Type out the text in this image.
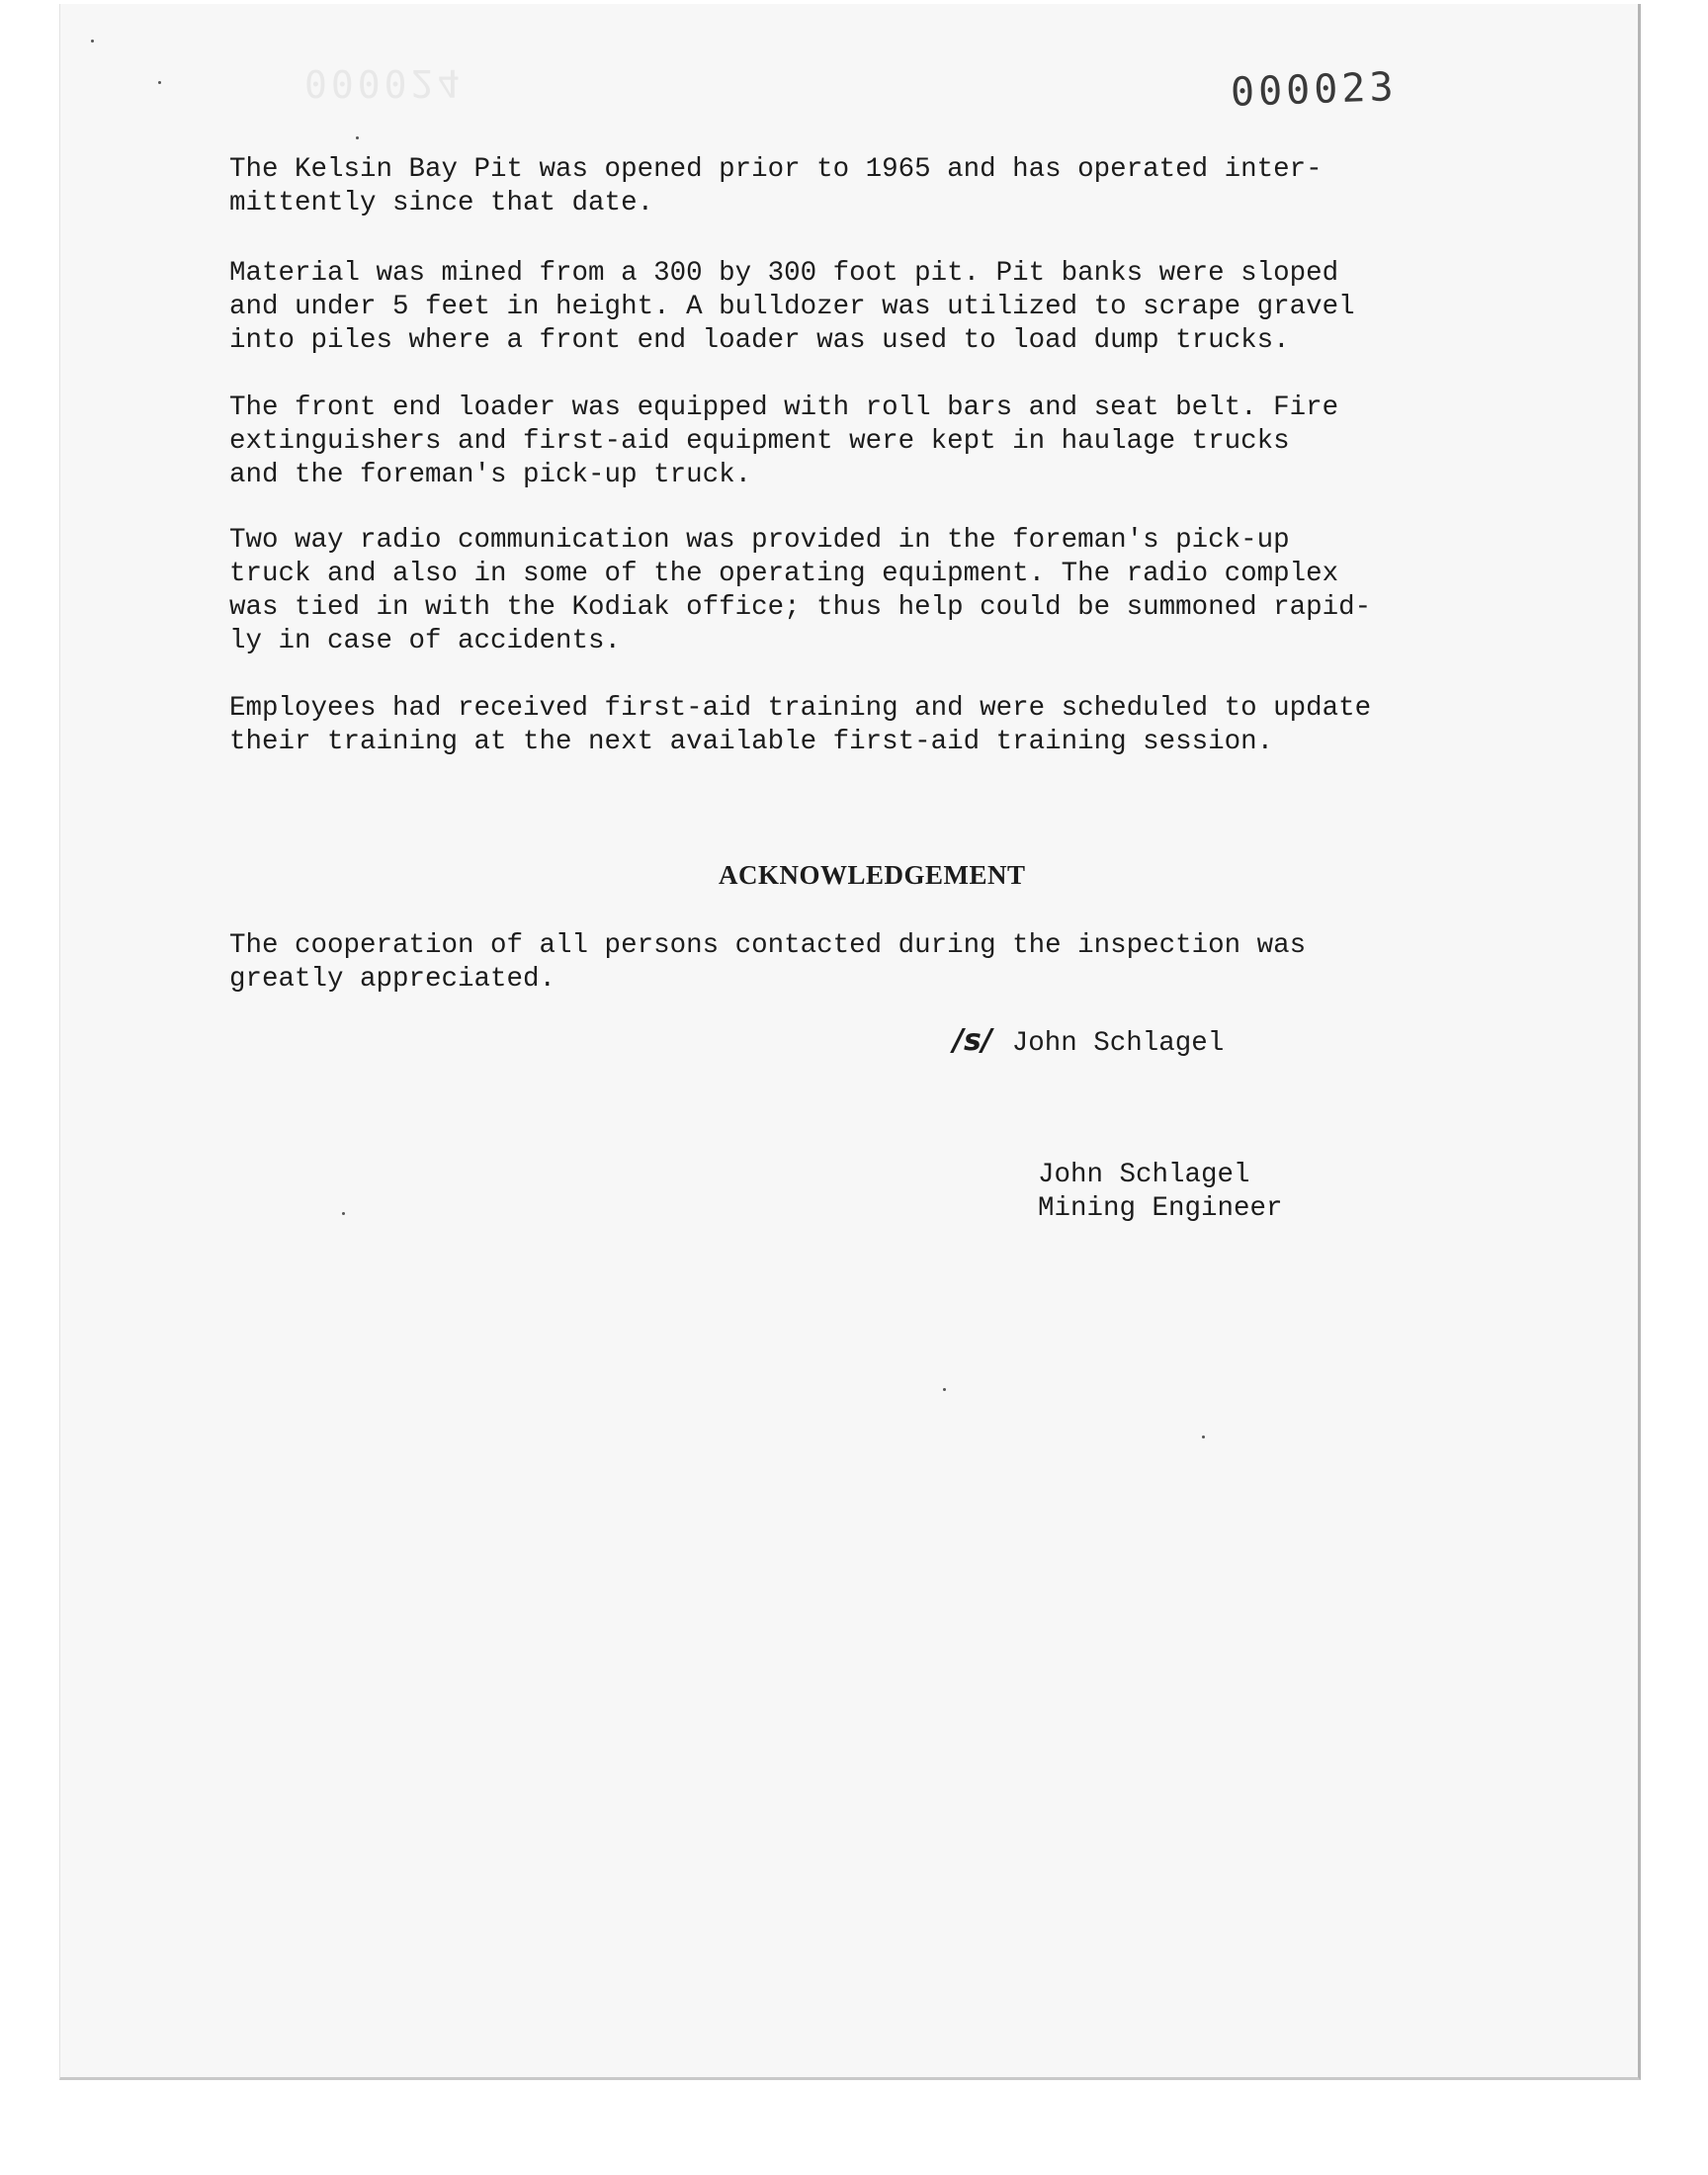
000024	000023

The Kelsin Bay Pit was opened prior to 1965 and has operated inter-
mittently since that date.

Material was mined from a 300 by 300 foot pit. Pit banks were sloped
and under 5 feet in height. A bulldozer was utilized to scrape gravel
into piles where a front end loader was used to load dump trucks.

The front end loader was equipped with roll bars and seat belt. Fire
extinguishers and first-aid equipment were kept in haulage trucks
and the foreman's pick-up truck.

Two way radio communication was provided in the foreman's pick-up
truck and also in some of the operating equipment. The radio complex
was tied in with the Kodiak office; thus help could be summoned rapid-
ly in case of accidents.

Employees had received first-aid training and were scheduled to update
their training at the next available first-aid training session.

ACKNOWLEDGEMENT

The cooperation of all persons contacted during the inspection was
greatly appreciated.

/s/ John Schlagel
John Schlagel
Mining Engineer
